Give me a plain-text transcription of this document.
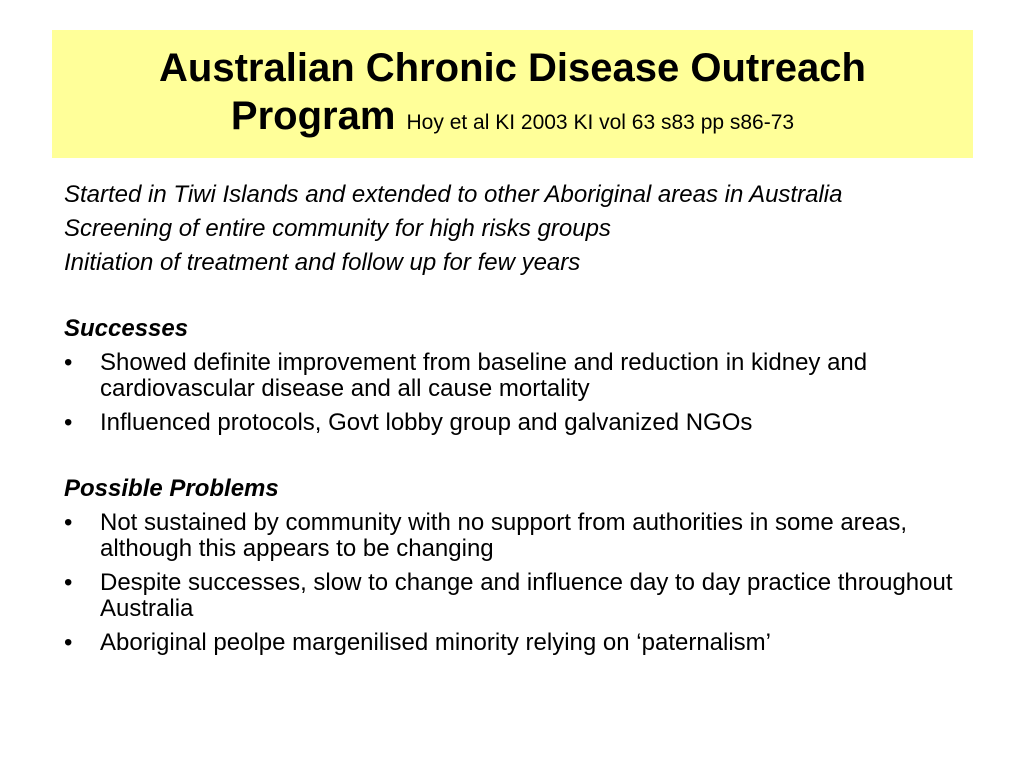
Australian Chronic Disease Outreach
Program Hoy et al KI 2003 KI vol 63 s83 pp s86-73
Started in Tiwi Islands and extended to other Aboriginal areas in Australia
Screening of entire community for high risks groups
Initiation of treatment and follow up for few years
Successes
•	Showed definite improvement from baseline and reduction in kidney and cardiovascular disease and all cause mortality
•	Influenced protocols, Govt lobby group and galvanized NGOs
Possible Problems
•	Not sustained by community with no support from authorities in some areas, although this appears to be changing
•	Despite successes, slow to change and influence day to day practice throughout Australia
•	Aboriginal peolpe margenilised minority relying on ‘paternalism’
